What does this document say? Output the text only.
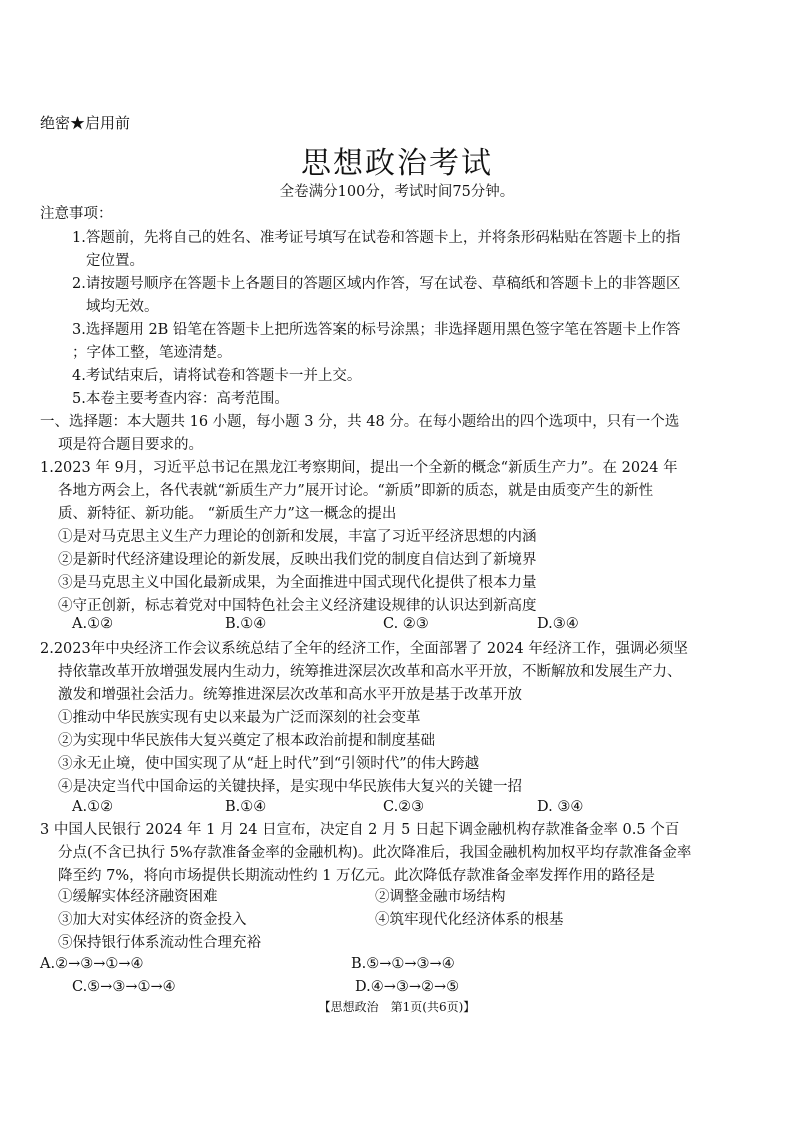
绝密★启用前
思想政治考试
全卷满分100分，考试时间75分钟。
注意事项：
1.答题前，先将自己的姓名、准考证号填写在试卷和答题卡上，并将条形码粘贴在答题卡上的指
定位置。
2.请按题号顺序在答题卡上各题目的答题区域内作答，写在试卷、草稿纸和答题卡上的非答题区
域均无效。
3.选择题用 2B 铅笔在答题卡上把所选答案的标号涂黑；非选择题用黑色签字笔在答题卡上作答
；字体工整，笔迹清楚。
4.考试结束后，请将试卷和答题卡一并上交。
5.本卷主要考查内容：高考范围。
一、选择题：本大题共 16 小题，每小题 3 分，共 48 分。在每小题给出的四个选项中，只有一个选
项是符合题目要求的。
1.2023 年 9月，习近平总书记在黑龙江考察期间，提出一个全新的概念“新质生产力”。在 2024 年
各地方两会上，各代表就“新质生产力”展开讨论。“新质”即新的质态，就是由质变产生的新性
质、新特征、新功能。 “新质生产力”这一概念的提出
①是对马克思主义生产力理论的创新和发展，丰富了习近平经济思想的内涵
②是新时代经济建设理论的新发展，反映出我们党的制度自信达到了新境界
③是马克思主义中国化最新成果，为全面推进中国式现代化提供了根本力量
④守正创新，标志着党对中国特色社会主义经济建设规律的认识达到新高度
A.①②	B.①④	C. ②③	D.③④
2.2023年中央经济工作会议系统总结了全年的经济工作，全面部署了 2024 年经济工作，强调必须坚
持依靠改革开放增强发展内生动力，统筹推进深层次改革和高水平开放，不断解放和发展生产力、
激发和增强社会活力。统筹推进深层次改革和高水平开放是基于改革开放
①推动中华民族实现有史以来最为广泛而深刻的社会变革
②为实现中华民族伟大复兴奠定了根本政治前提和制度基础
③永无止境，使中国实现了从“赶上时代”到“引领时代”的伟大跨越
④是决定当代中国命运的关键抉择，是实现中华民族伟大复兴的关键一招
A.①②	B.①④	C.②③	D. ③④
3 中国人民银行 2024 年 1 月 24 日宣布，决定自 2 月 5 日起下调金融机构存款准备金率 0.5 个百
分点(不含已执行 5%存款准备金率的金融机构)。此次降准后，我国金融机构加权平均存款准备金率
降至约 7%，将向市场提供长期流动性约 1 万亿元。此次降低存款准备金率发挥作用的路径是
①缓解实体经济融资困难	②调整金融市场结构
③加大对实体经济的资金投入	④筑牢现代化经济体系的根基
⑤保持银行体系流动性合理充裕
A.②→③→①→④	B.⑤→①→③→④
C.⑤→③→①→④	D.④→③→②→⑤
【思想政治　第1页(共6页)】
